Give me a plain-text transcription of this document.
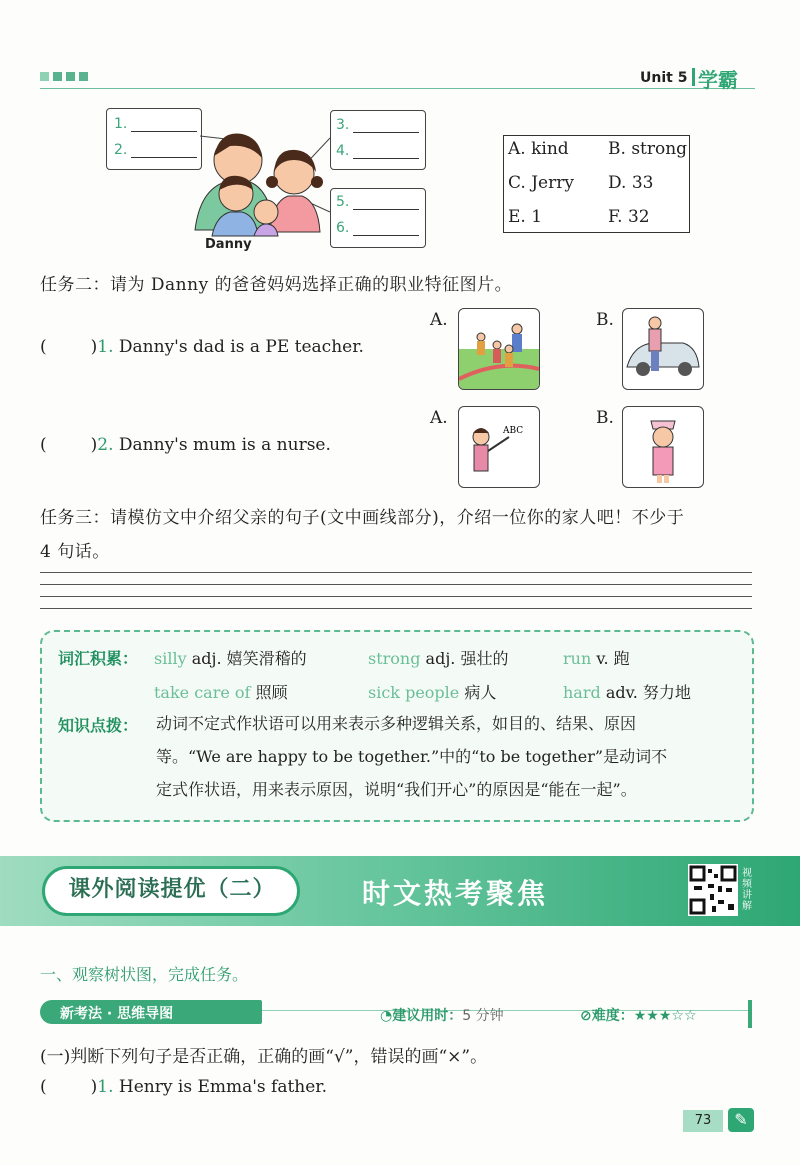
Unit 5 学霸
1.
2.
3.
4.
5.
6.
Danny
A. kind B. strong
C. Jerry D. 33
E. 1	F. 32
任务二：请为 Danny 的爸爸妈妈选择正确的职业特征图片。
(	)1. Danny's dad is a PE teacher.
A.	B.
(	)2. Danny's mum is a nurse.
A.
ABC
B.
任务三：请模仿文中介绍父亲的句子(文中画线部分)，介绍一位你的家人吧！不少于
4 句话。
词汇积累： silly adj. 嬉笑滑稽的	strong adj. 强壮的	run v. 跑
take care of 照顾	sick people 病人	hard adv. 努力地
知识点拨： 动词不定式作状语可以用来表示多种逻辑关系，如目的、结果、原因
等。“We are happy to be together.”中的“to be together”是动词不
定式作状语，用来表示原因，说明“我们开心”的原因是“能在一起”。
课外阅读提优（二）	时文热考聚焦
视频讲解
一、观察树状图，完成任务。
新考法 · 思维导图	◔建议用时：5 分钟	⊘难度：★★★☆☆
(一)判断下列句子是否正确，正确的画“√”，错误的画“×”。
(	)1. Henry is Emma's father.
73	✎
